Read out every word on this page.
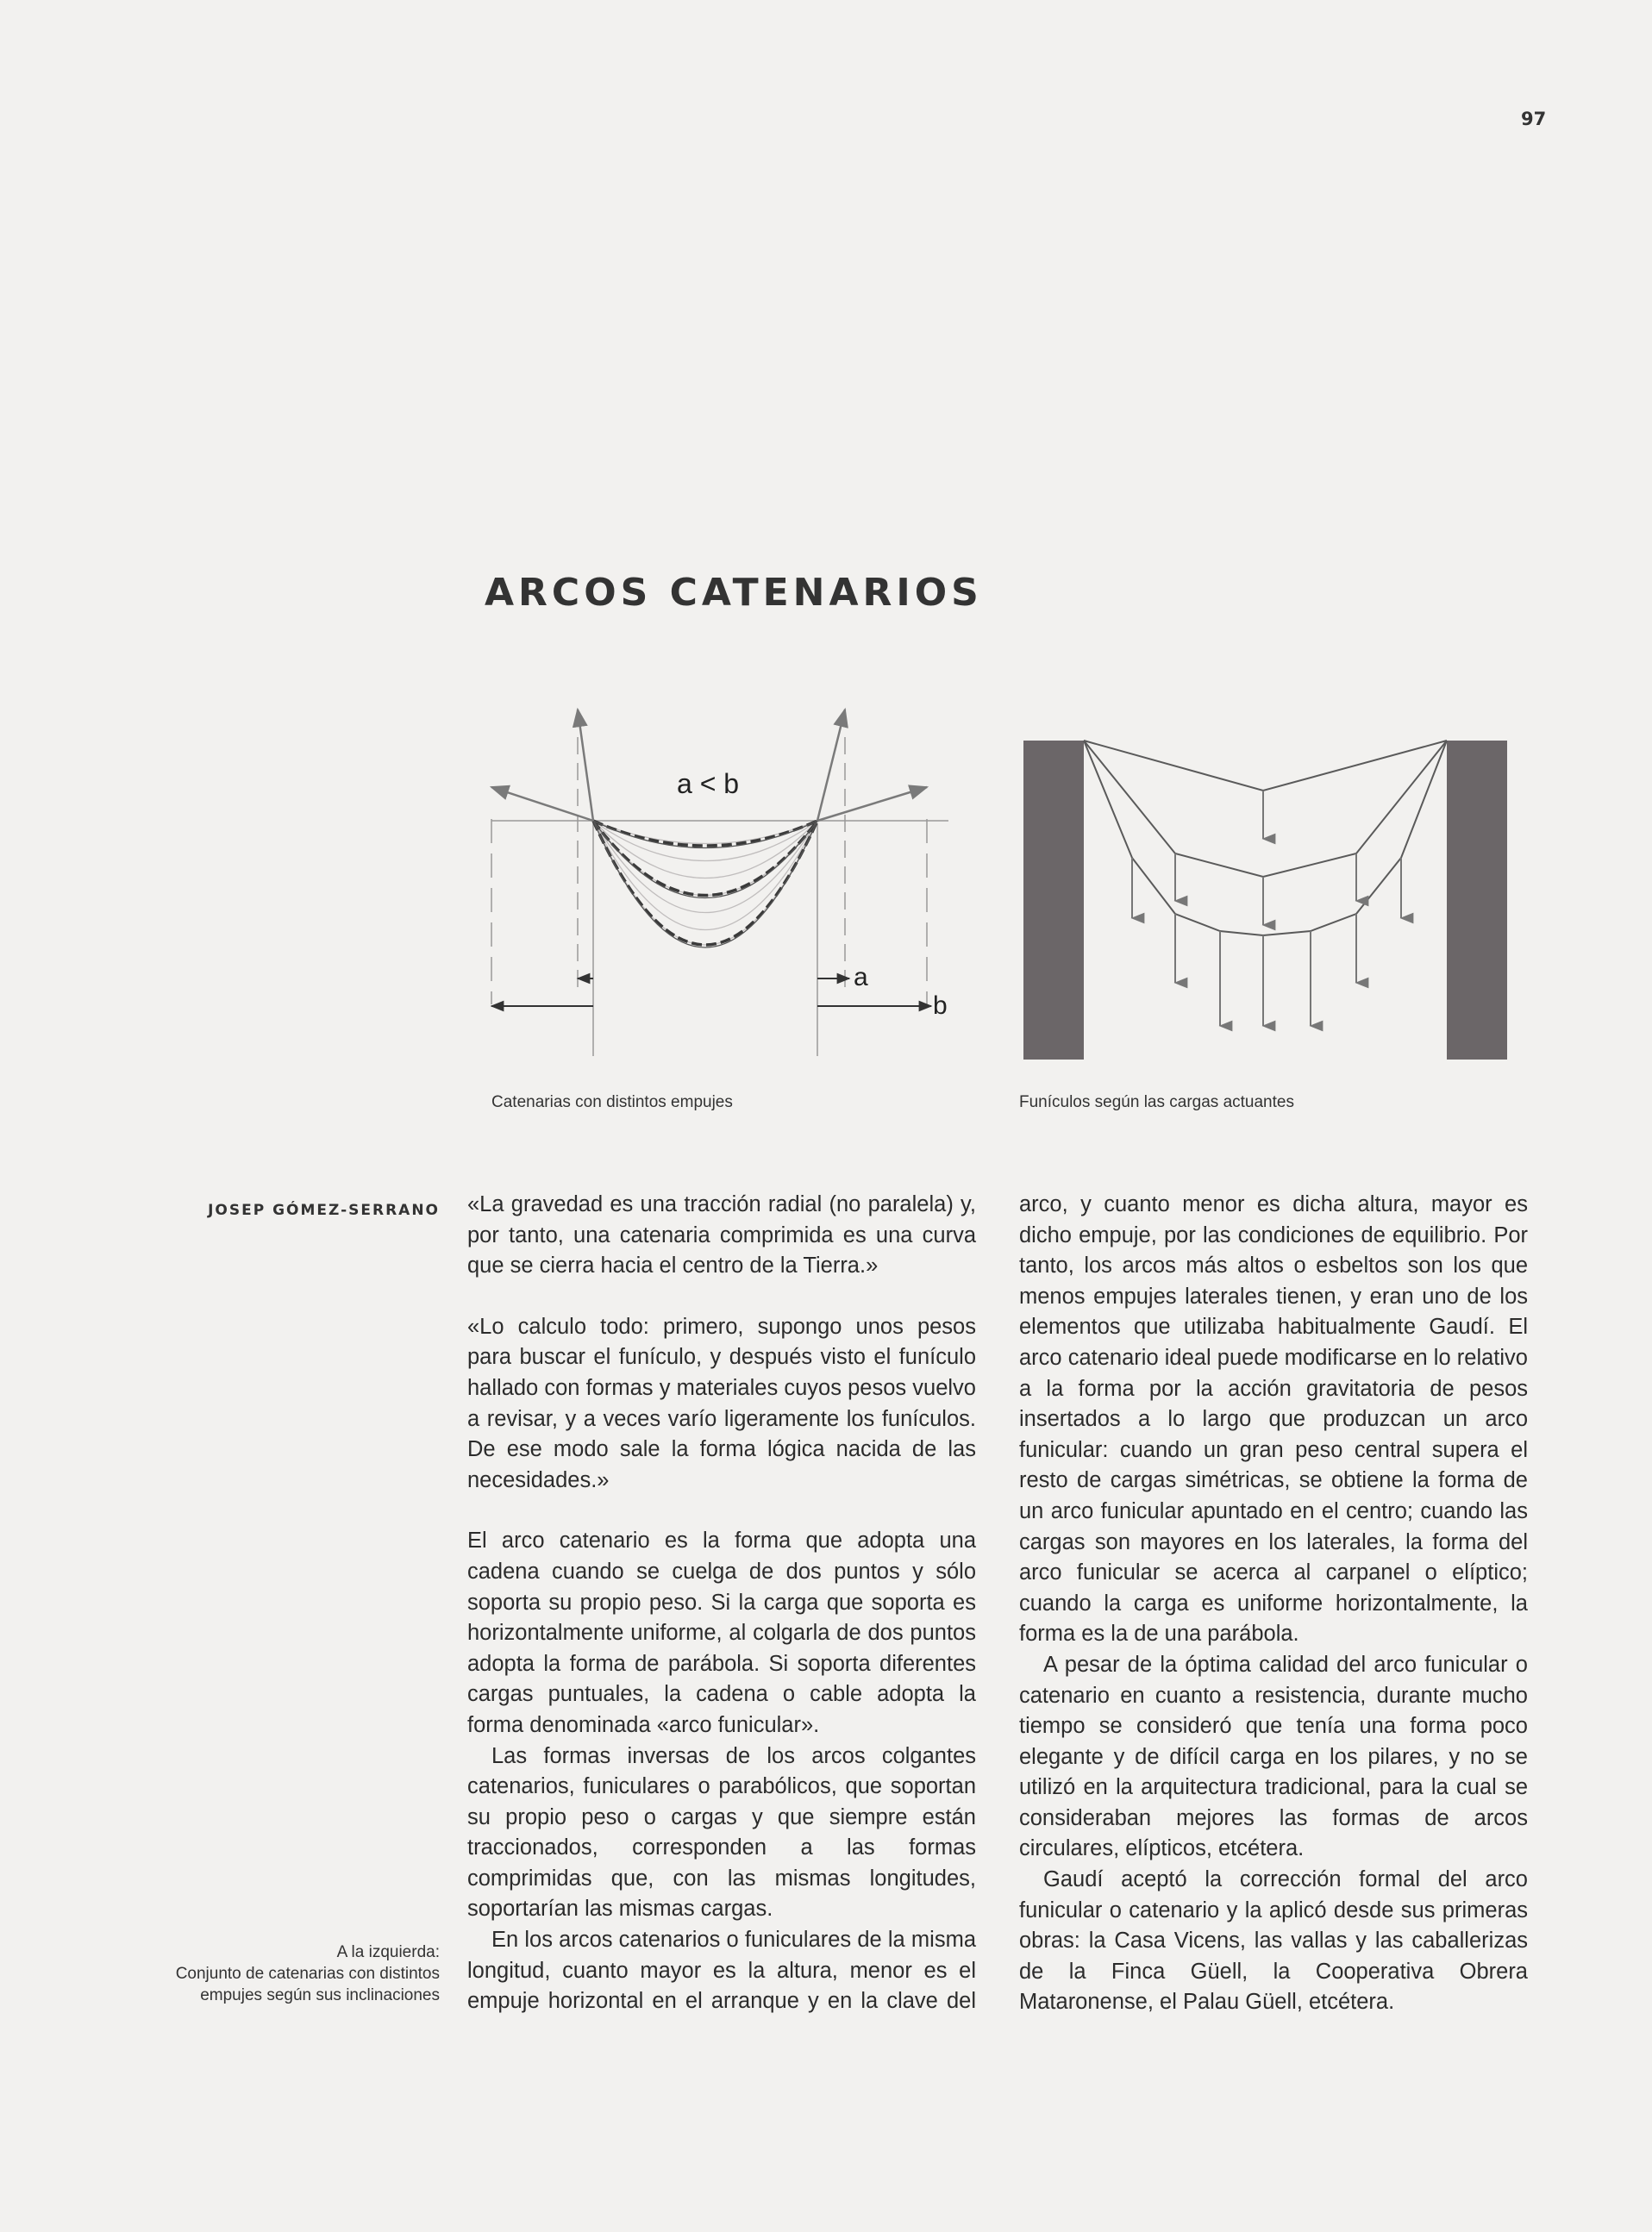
97
ARCOS CATENARIOS
a < b
a
b
Catenarias con distintos empujes	Funículos según las cargas actuantes
JOSEP GÓMEZ-SERRANO
A la izquierda:
Conjunto de catenarias con distintos
empujes según sus inclinaciones

«La gravedad es una tracción radial (no paralela) y, por tanto, una catenaria comprimida es una curva que se cierra hacia el centro de la Tierra.»

«Lo calculo todo: primero, supongo unos pesos para buscar el funículo, y después visto el funículo hallado con formas y materiales cuyos pesos vuelvo a revisar, y a veces varío ligeramente los funículos. De ese modo sale la forma lógica nacida de las necesidades.»

El arco catenario es la forma que adopta una cadena cuando se cuelga de dos puntos y sólo soporta su propio peso. Si la carga que soporta es horizontalmente uniforme, al colgarla de dos puntos adopta la forma de parábola. Si soporta diferentes cargas puntuales, la cadena o cable adopta la forma denominada «arco funicular».

Las formas inversas de los arcos colgantes catenarios, funiculares o parabólicos, que soportan su propio peso o cargas y que siempre están traccionados, corresponden a las formas comprimidas que, con las mismas longitudes, soportarían las mismas cargas.

En los arcos catenarios o funiculares de la misma longitud, cuanto mayor es la altura, menor es el empuje horizontal en el arranque y en la clave del

arco, y cuanto menor es dicha altura, mayor es dicho empuje, por las condiciones de equilibrio. Por tanto, los arcos más altos o esbeltos son los que menos empujes laterales tienen, y eran uno de los elementos que utilizaba habitualmente Gaudí. El arco catenario ideal puede modificarse en lo relativo a la forma por la acción gravitatoria de pesos insertados a lo largo que produzcan un arco funicular: cuando un gran peso central supera el resto de cargas simétricas, se obtiene la forma de un arco funicular apuntado en el centro; cuando las cargas son mayores en los laterales, la forma del arco funicular se acerca al carpanel o elíptico; cuando la carga es uniforme horizontalmente, la forma es la de una parábola.

A pesar de la óptima calidad del arco funicular o catenario en cuanto a resistencia, durante mucho tiempo se consideró que tenía una forma poco elegante y de difícil carga en los pilares, y no se utilizó en la arquitectura tradicional, para la cual se consideraban mejores las formas de arcos circulares, elípticos, etcétera.

Gaudí aceptó la corrección formal del arco funicular o catenario y la aplicó desde sus primeras obras: la Casa Vicens, las vallas y las caballerizas de la Finca Güell, la Cooperativa Obrera Mataronense, el Palau Güell, etcétera.
